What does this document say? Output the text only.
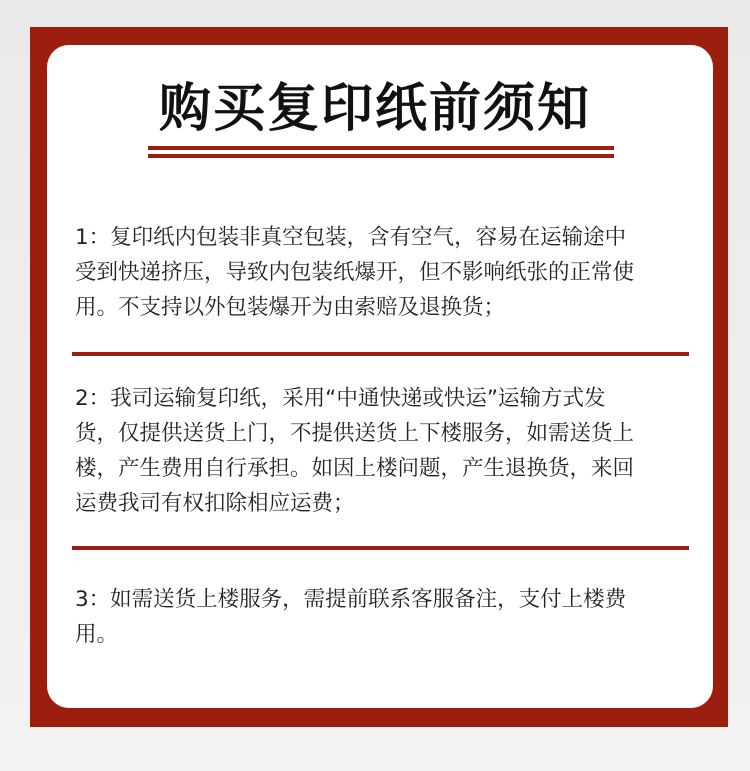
购买复印纸前须知
1：复印纸内包装非真空包装，含有空气，容易在运输途中
受到快递挤压，导致内包装纸爆开，但不影响纸张的正常使
用。不支持以外包装爆开为由索赔及退换货；
2：我司运输复印纸，采用“中通快递或快运”运输方式发
货，仅提供送货上门，不提供送货上下楼服务，如需送货上
楼，产生费用自行承担。如因上楼问题，产生退换货，来回
运费我司有权扣除相应运费；
3：如需送货上楼服务，需提前联系客服备注，支付上楼费
用。
